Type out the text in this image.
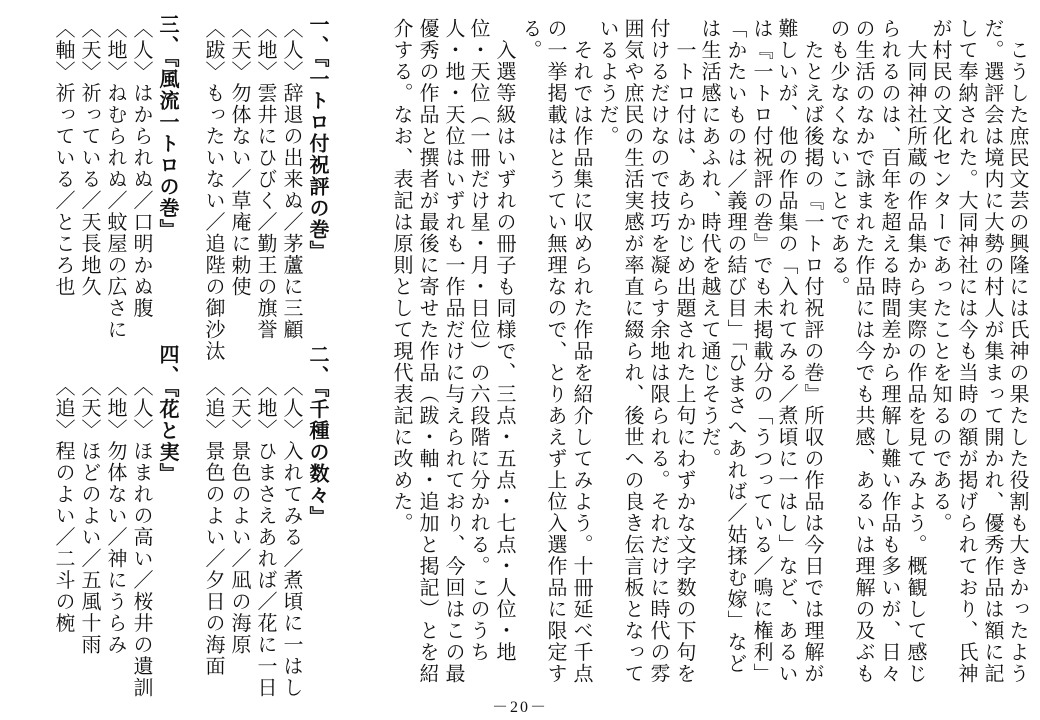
　こうした庶民文芸の興隆には氏神の果たした役割も大きかったよう
だ。選評会は境内に大勢の村人が集まって開かれ、優秀作品は額に記
して奉納された。大同神社には今も当時の額が掲げられており、氏神
が村民の文化センターであったことを知るのである。
　大同神社所蔵の作品集から実際の作品を見てみよう。概観して感じ
られるのは、百年を超える時間差から理解し難い作品も多いが、日々
の生活のなかで詠まれた作品には今でも共感、あるいは理解の及ぶも
のも少なくないことである。
　たとえば後掲の『一トロ付祝評の巻』所収の作品は今日では理解が
難しいが、他の作品集の「入れてみる／煮頃に一はし」など、あるい
は『一トロ付祝評の巻』でも未掲載分の「うつっている／鳴に権利」
「かたいものは／義理の結び目」「ひまさへあれば／姑揉む嫁」など
は生活感にあふれ、時代を越えて通じそうだ。
　一トロ付は、あらかじめ出題された上句にわずかな文字数の下句を
付けるだけなので技巧を凝らす余地は限られる。それだけに時代の雰
囲気や庶民の生活実感が率直に綴られ、後世への良き伝言板となって
いるようだ。
　それでは作品集に収められた作品を紹介してみよう。十冊延べ千点
の一挙掲載はとうてい無理なので、とりあえず上位入選作品に限定す
る。
　入選等級はいずれの冊子も同様で、三点・五点・七点・人位・地
位・天位（一冊だけ星・月・日位）の六段階に分かれる。このうち
人・地・天位はいずれも一作品だけに与えられており、今回はこの最
優秀の作品と撰者が最後に寄せた作品（跋・軸・追加と掲記）とを紹
介する。なお、表記は原則として現代表記に改めた。
一、『一トロ付祝評の巻』
〈人〉辞退の出来ぬ／茅蘆に三顧
〈地〉雲井にひびく／勤王の旗誉
〈天〉勿体ない／草庵に勅使
〈跋〉もったいない／追陛の御沙汰
三、『風流一トロの巻』
〈人〉はかられぬ／口明かぬ腹
〈地〉ねむられぬ／蚊屋の広さに
〈天〉祈っている／天長地久
〈軸〉祈っている／ところ也
二、『千種の数々』
〈人〉入れてみる／煮頃に一はし
〈地〉ひまさえあれば／花に一日
〈天〉景色のよい／凪の海原
〈追〉景色のよい／夕日の海面
四、『花と実』
〈人〉ほまれの高い／桜井の遺訓
〈地〉勿体ない／神にうらみ
〈天〉ほどのよい／五風十雨
〈追〉程のよい／二斗の椀
－20－
